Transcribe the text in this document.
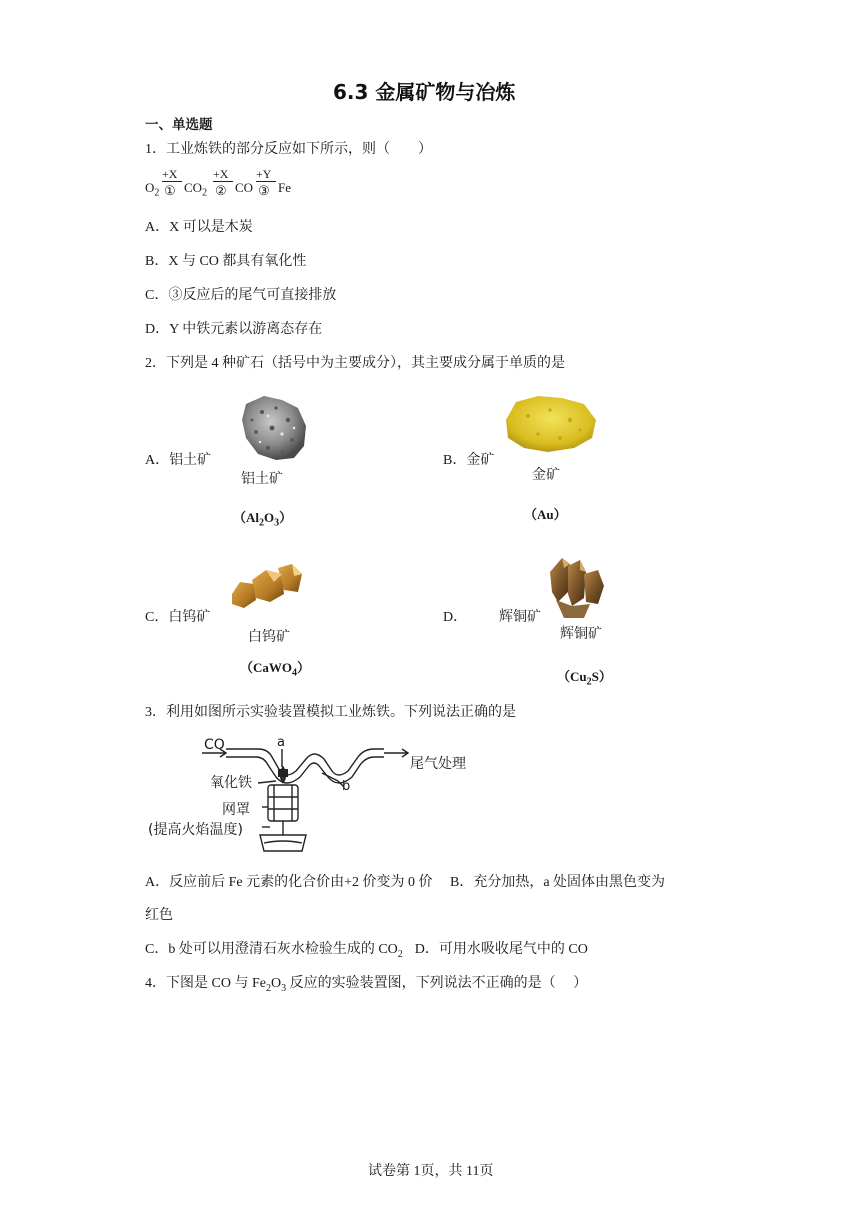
6.3 金属矿物与冶炼
一、单选题
1．工业炼铁的部分反应如下所示，则（　　）
$O_2$
+X
① $CO_2$
+X
② CO
+Y
③ Fe
A．X 可以是木炭
B．X 与 CO 都具有氧化性
C．③反应后的尾气可直接排放
D．Y 中铁元素以游离态存在
2．下列是 4 种矿石（括号中为主要成分），其主要成分属于单质的是
A．铝土矿
铝土矿
$(Al_2O_3)$
B．金矿
金矿
（Au）
C．白钨矿
白钨矿
（CaWO$_4$）
D． 辉铜矿
辉铜矿
$(Cu_2S)$
3．利用如图所示实验装置模拟工业炼铁。下列说法正确的是
CO	a
b
尾气处理
氧化铁
网罩
(提高火焰温度)
A．反应前后 Fe 元素的化合价由+2 价变为 0 价　 B．充分加热，a 处固体由黑色变为
红色
C．b 处可以用澄清石灰水检验生成的 $CO_2$ D．可用水吸收尾气中的 CO
4．下图是 CO 与 $Fe_2O_3$ 反应的实验装置图，下列说法不正确的是（　 ）
试卷第 1页，共 11页
